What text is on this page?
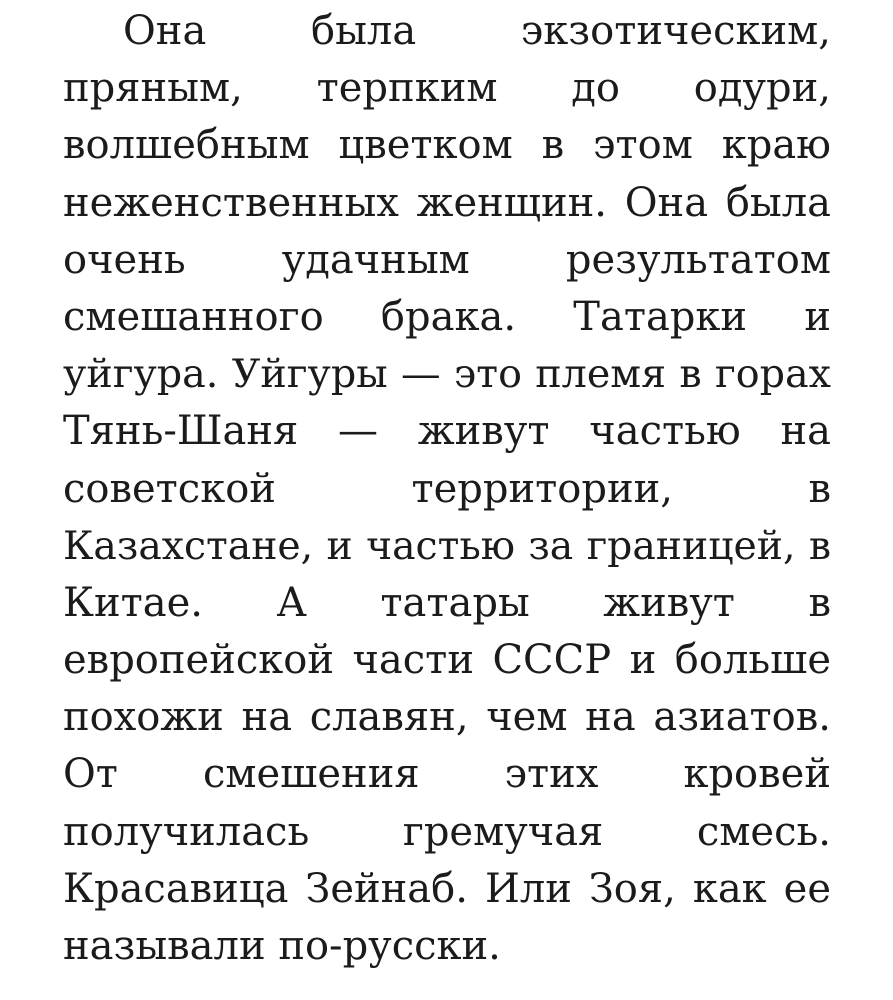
Она была экзотическим,
пряным, терпким до одури,
волшебным цветком в этом краю
неженственных женщин. Она была
очень удачным результатом
смешанного брака. Татарки и
уйгура. Уйгуры — это племя в горах
Тянь-Шаня — живут частью на
советской территории, в
Казахстане, и частью за границей, в
Китае. А татары живут в
европейской части СССР и больше
похожи на славян, чем на азиатов.
От смешения этих кровей
получилась гремучая смесь.
Красавица Зейнаб. Или Зоя, как ее
называли по-русски.
